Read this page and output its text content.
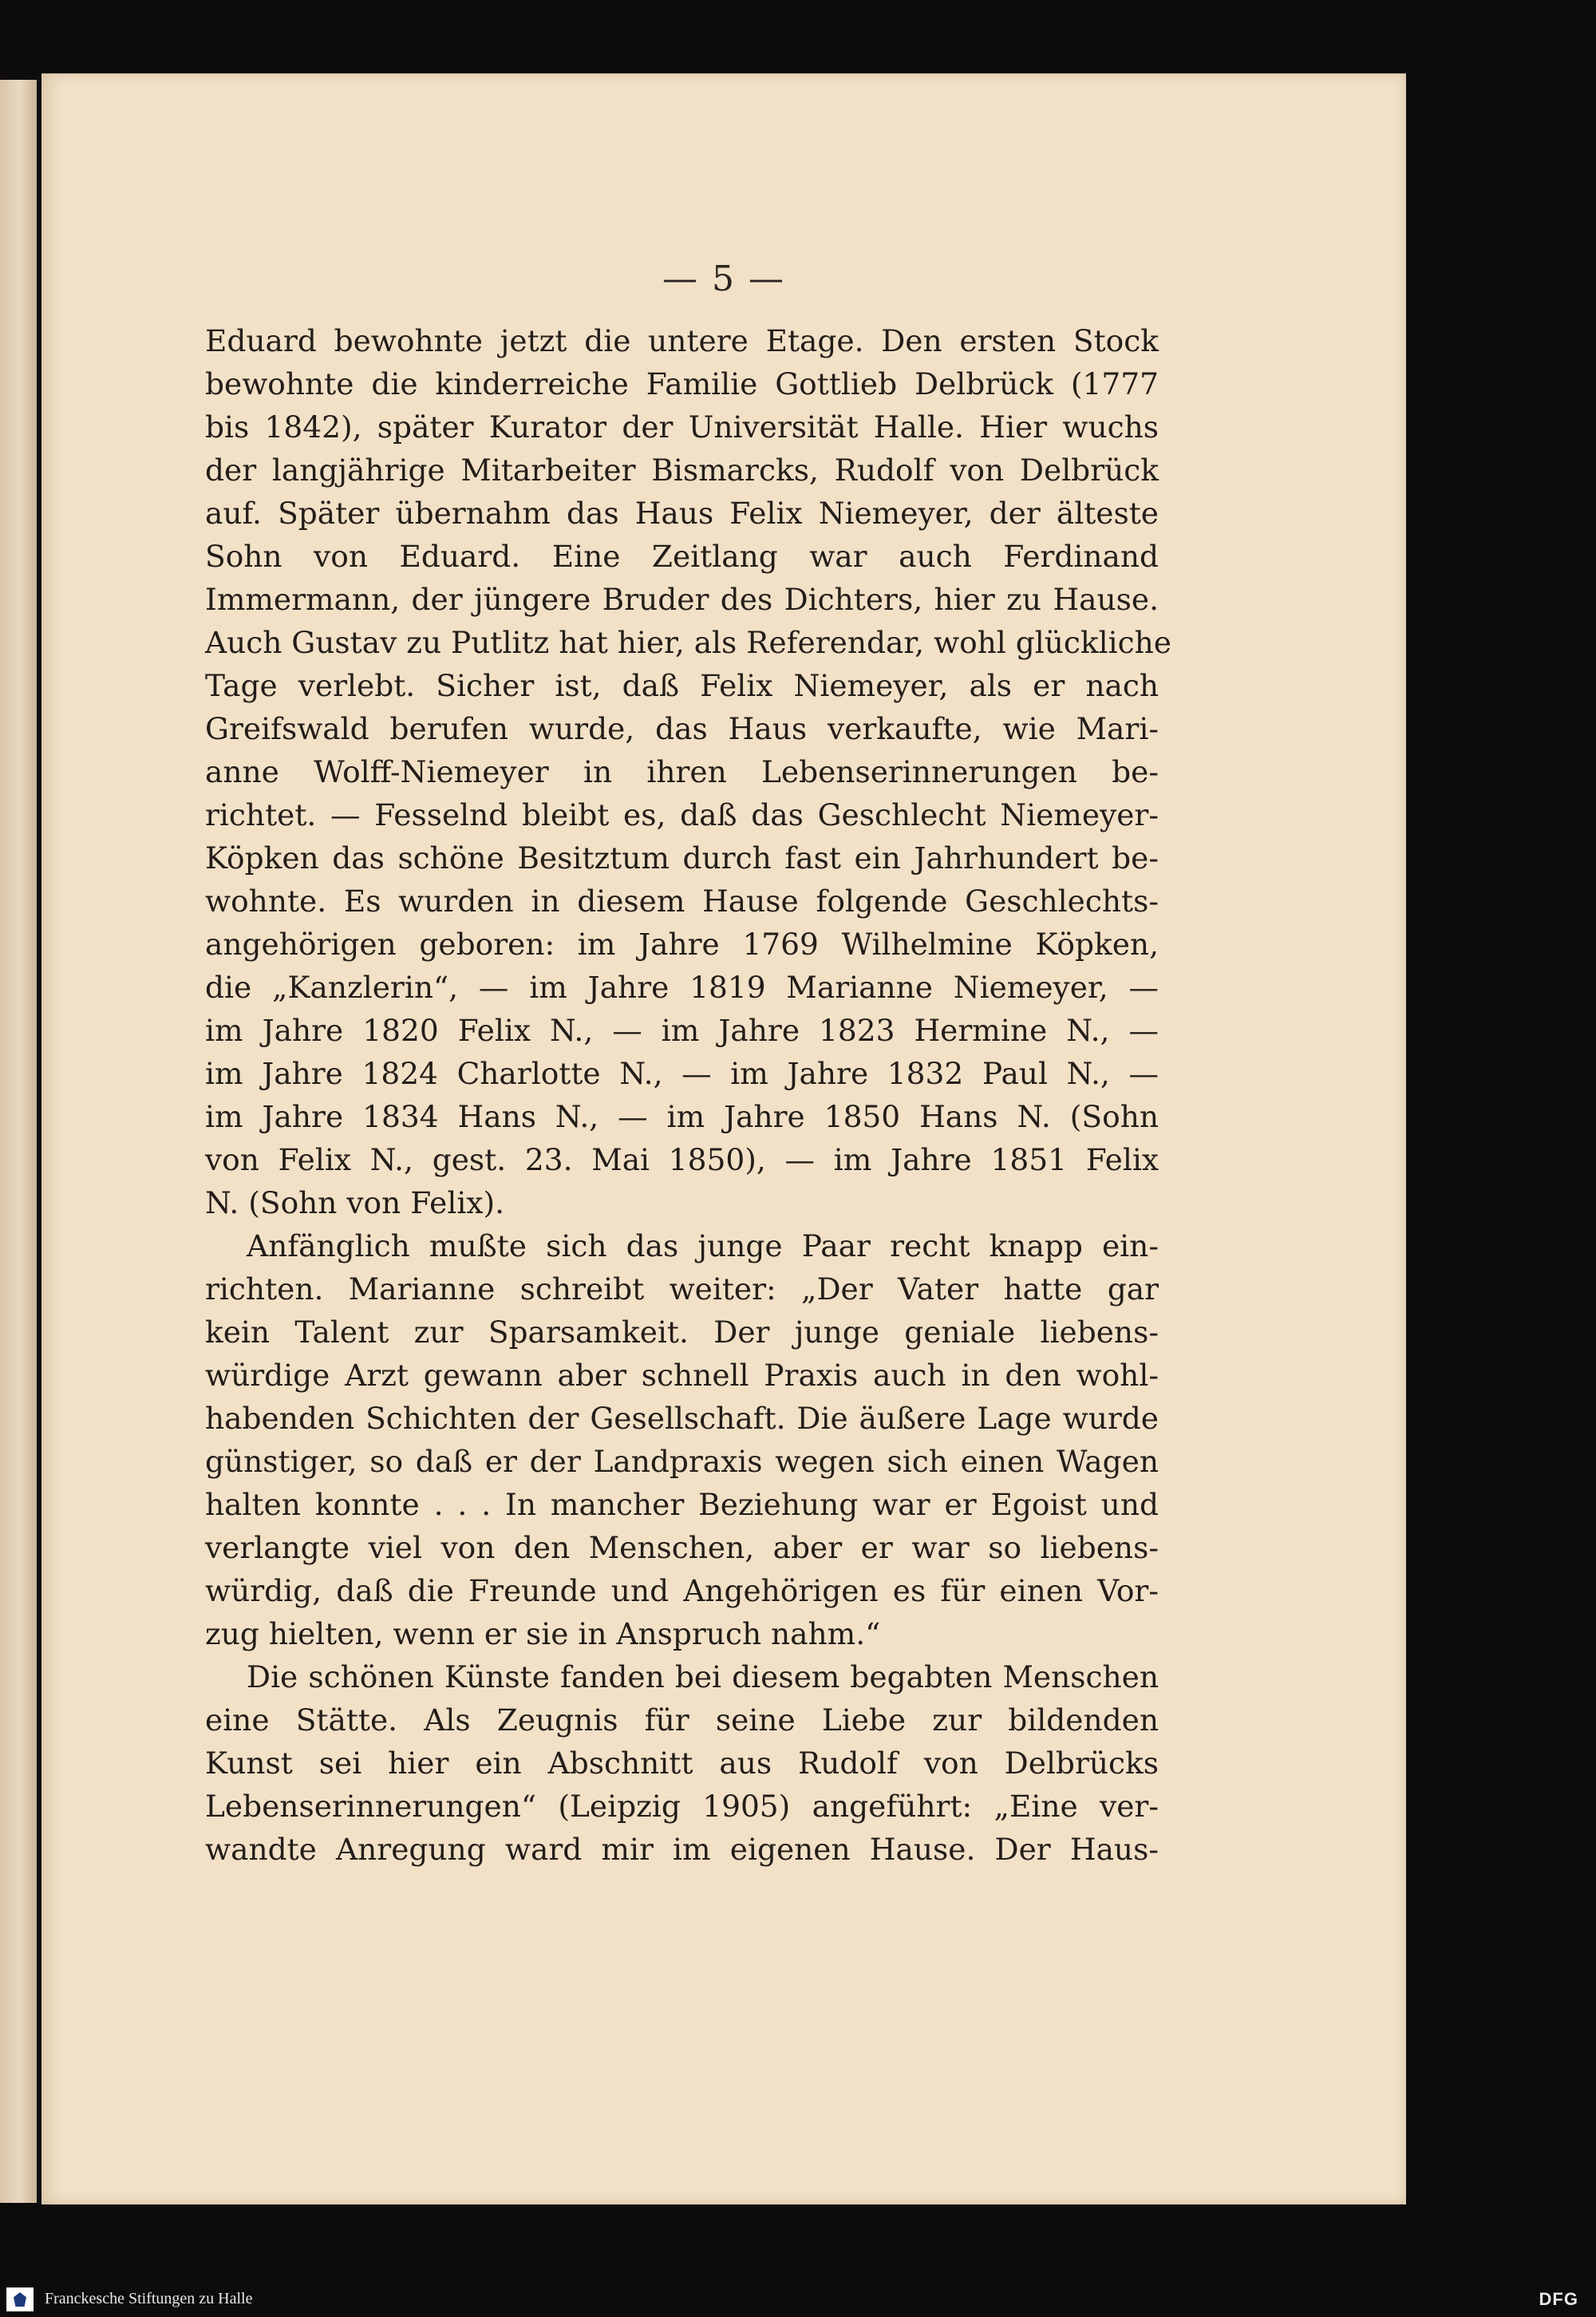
— 5 —
Eduard bewohnte jetzt die untere Etage. Den ersten Stock
bewohnte die kinderreiche Familie Gottlieb Delbrück (1777
bis 1842), später Kurator der Universität Halle. Hier wuchs
der langjährige Mitarbeiter Bismarcks, Rudolf von Delbrück
auf. Später übernahm das Haus Felix Niemeyer, der älteste
Sohn von Eduard. Eine Zeitlang war auch Ferdinand
Immermann, der jüngere Bruder des Dichters, hier zu Hause.
Auch Gustav zu Putlitz hat hier, als Referendar, wohl glückliche
Tage verlebt. Sicher ist, daß Felix Niemeyer, als er nach
Greifswald berufen wurde, das Haus verkaufte, wie Mari-
anne Wolff-Niemeyer in ihren Lebenserinnerungen be-
richtet. — Fesselnd bleibt es, daß das Geschlecht Niemeyer-
Köpken das schöne Besitztum durch fast ein Jahrhundert be-
wohnte. Es wurden in diesem Hause folgende Geschlechts-
angehörigen geboren: im Jahre 1769 Wilhelmine Köpken,
die „Kanzlerin“, — im Jahre 1819 Marianne Niemeyer, —
im Jahre 1820 Felix N., — im Jahre 1823 Hermine N., —
im Jahre 1824 Charlotte N., — im Jahre 1832 Paul N., —
im Jahre 1834 Hans N., — im Jahre 1850 Hans N. (Sohn
von Felix N., gest. 23. Mai 1850), — im Jahre 1851 Felix
N. (Sohn von Felix).
Anfänglich mußte sich das junge Paar recht knapp ein-
richten. Marianne schreibt weiter: „Der Vater hatte gar
kein Talent zur Sparsamkeit. Der junge geniale liebens-
würdige Arzt gewann aber schnell Praxis auch in den wohl-
habenden Schichten der Gesellschaft. Die äußere Lage wurde
günstiger, so daß er der Landpraxis wegen sich einen Wagen
halten konnte . . . In mancher Beziehung war er Egoist und
verlangte viel von den Menschen, aber er war so liebens-
würdig, daß die Freunde und Angehörigen es für einen Vor-
zug hielten, wenn er sie in Anspruch nahm.“
Die schönen Künste fanden bei diesem begabten Menschen
eine Stätte. Als Zeugnis für seine Liebe zur bildenden
Kunst sei hier ein Abschnitt aus Rudolf von Delbrücks
Lebenserinnerungen“ (Leipzig 1905) angeführt: „Eine ver-
wandte Anregung ward mir im eigenen Hause. Der Haus-
Franckesche Stiftungen zu Halle	DFG
